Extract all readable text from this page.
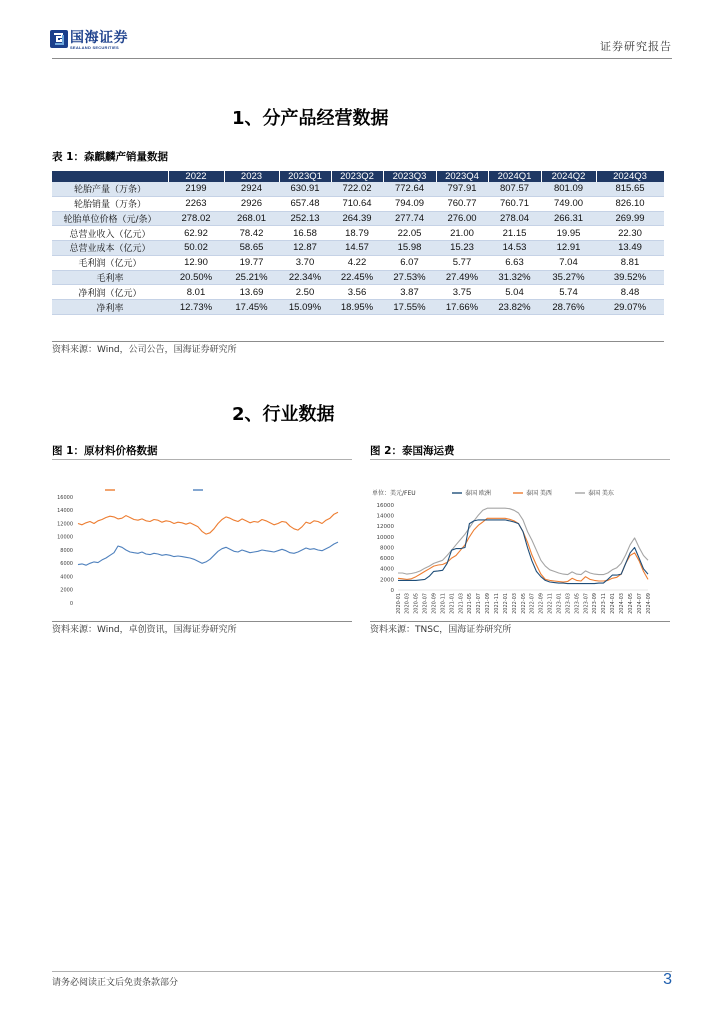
国海证券
SEALAND SECURITIES	证券研究报告
1、分产品经营数据
表 1：森麒麟产销量数据
	2022	2023	2023Q1	2023Q2	2023Q3	2023Q4	2024Q1	2024Q2	2024Q3
轮胎产量（万条）	2199	2924	630.91	722.02	772.64	797.91	807.57	801.09	815.65
轮胎销量（万条）	2263	2926	657.48	710.64	794.09	760.77	760.71	749.00	826.10
轮胎单位价格（元/条）	278.02	268.01	252.13	264.39	277.74	276.00	278.04	266.31	269.99
总营业收入（亿元）	62.92	78.42	16.58	18.79	22.05	21.00	21.15	19.95	22.30
总营业成本（亿元）	50.02	58.65	12.87	14.57	15.98	15.23	14.53	12.91	13.49
毛利润（亿元）	12.90	19.77	3.70	4.22	6.07	5.77	6.63	7.04	8.81
毛利率	20.50%	25.21%	22.34%	22.45%	27.53%	27.49%	31.32%	35.27%	39.52%
净利润（亿元）	8.01	13.69	2.50	3.56	3.87	3.75	5.04	5.74	8.48
净利率	12.73%	17.45%	15.09%	18.95%	17.55%	17.66%	23.82%	28.76%	29.07%
资料来源：Wind，公司公告，国海证券研究所
2、行业数据
图 1：原材料价格数据	图 2：泰国海运费
0
2000
4000
6000
8000
10000
12000
14000
16000
0
2000
4000
6000
8000
10000
12000
14000
16000
泰国 欧洲	泰国 美西	泰国 美东
单位：美元/FEU
2020-01 2020-03 2020-05 2020-07 2020-09 2020-11 2021-01 2021-03 2021-05 2021-07 2021-09 2021-11 2022-01 2022-03 2022-05 2022-07 2022-09 2022-11 2023-01 2023-03 2023-05 2023-07 2023-09 2023-11 2024-01 2024-03 2024-05 2024-07 2024-09
资料来源：Wind，卓创资讯，国海证券研究所	资料来源：TNSC，国海证券研究所
请务必阅读正文后免责条款部分	3
